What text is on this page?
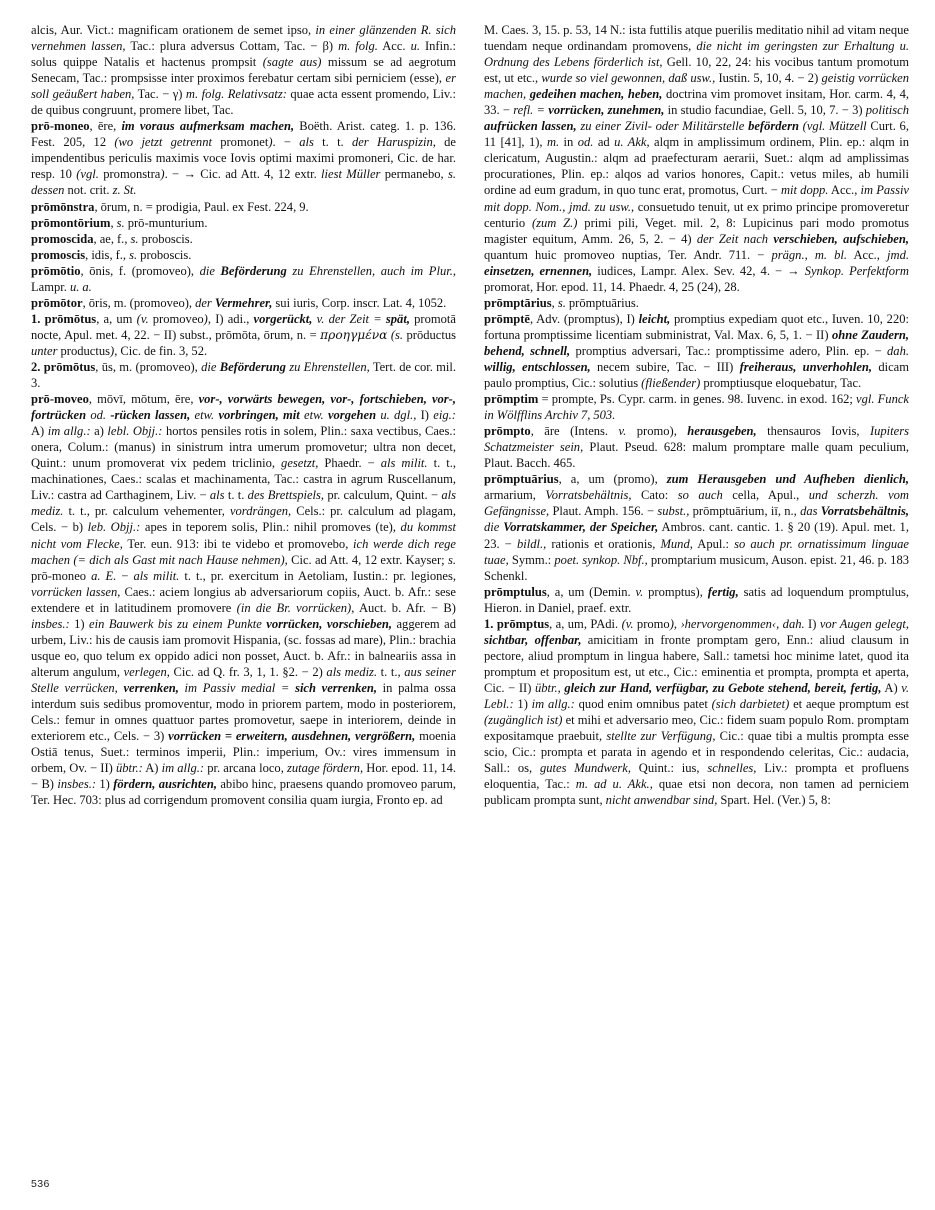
alcis, Aur. Vict.: magnificam orationem de semet ipso, in einer glänzenden R. sich vernehmen lassen, Tac.: plura adversus Cottam, Tac. − β) m. folg. Acc. u. Infin.: solus quippe Natalis et hactenus prompsit (sagte aus) missum se ad aegrotum Senecam, Tac.: prompsisse inter proximos ferebatur certam sibi perniciem (esse), er soll geäußert haben, Tac. − γ) m. folg. Relativsatz: quae acta essent promendo, Liv.: de quibus congruunt, promere libet, Tac.

prō-moneo, ēre, im voraus aufmerksam machen, Boëth. Arist. categ. 1. p. 136. Fest. 205, 12 (wo jetzt getrennt promonet). − als t. t. der Haruspizin, de impendentibus periculis maximis voce Iovis optimi maximi promoneri, Cic. de har. resp. 10 (vgl. promonstra). − → Cic. ad Att. 4, 12 extr. liest Müller permanebo, s. dessen not. crit. z. St.

prōmōnstra, ōrum, n. = prodigia, Paul. ex Fest. 224, 9.

prōmontōrium, s. prō-munturium.

promoscida, ae, f., s. proboscis.

promoscis, idis, f., s. proboscis.

prōmōtio, ōnis, f. (promoveo), die Beförderung zu Ehrenstellen, auch im Plur., Lampr. u. a.

prōmōtor, ōris, m. (promoveo), der Vermehrer, sui iuris, Corp. inscr. Lat. 4, 1052.

1. prōmōtus, a, um (v. promoveo), I) adi., vorgerückt, v. der Zeit = spät, promotā nocte, Apul. met. 4, 22. − II) subst., prōmōta, ōrum, n. = προηγμένα (s. prōductus unter productus), Cic. de fin. 3, 52.

2. prōmōtus, ūs, m. (promoveo), die Beförderung zu Ehrenstellen, Tert. de cor. mil. 3.

prō-moveo, mōvī, mōtum, ēre, vor-, vorwärts bewegen, vor-, fortschieben, vor-, fortrücken od. -rücken lassen, etw. vorbringen, mit etw. vorgehen u. dgl., I) eig.: A) im allg.: a) lebl. Objj.: hortos pensiles rotis in solem, Plin.: saxa vectibus, Caes.: onera, Colum.: (manus) in sinistrum intra umerum promovetur; ultra non decet, Quint.: unum promoverat vix pedem triclinio, gesetzt, Phaedr. − als milit. t. t., machinationes, Caes.: scalas et machinamenta, Tac.: castra in agrum Ruscellanum, Liv.: castra ad Carthaginem, Liv. − als t. t. des Brettspiels, pr. calculum, Quint. − als mediz. t. t., pr. calculum vehementer, vordrängen, Cels.: pr. calculum ad plagam, Cels. − b) leb. Objj.: apes in teporem solis, Plin.: nihil promoves (te), du kommst nicht vom Flecke, Ter. eun. 913: ibi te videbo et promovebo, ich werde dich rege machen (= dich als Gast mit nach Hause nehmen), Cic. ad Att. 4, 12 extr. Kayser; s. prō-moneo a. E. − als milit. t. t., pr. exercitum in Aetoliam, Iustin.: pr. legiones, vorrücken lassen, Caes.: aciem longius ab adversariorum copiis, Auct. b. Afr.: sese extendere et in latitudinem promovere (in die Br. vorrücken), Auct. b. Afr. − B) insbes.: 1) ein Bauwerk bis zu einem Punkte vorrücken, vorschieben, aggerem ad urbem, Liv.: his de causis iam promovit Hispania, (sc. fossas ad mare), Plin.: brachia usque eo, quo telum ex oppido adici non posset, Auct. b. Afr.: in balneariis assa in alterum angulum, verlegen, Cic. ad Q. fr. 3, 1, 1. §2. − 2) als mediz. t. t., aus seiner Stelle verrücken, verrenken, im Passiv medial = sich verrenken, in palma ossa interdum suis sedibus promoventur, modo in priorem partem, modo in posteriorem, Cels.: femur in omnes quattuor partes promovetur, saepe in interiorem, deinde in exteriorem etc., Cels. − 3) vorrücken = erweitern, ausdehnen, vergrößern, moenia Ostiā tenus, Suet.: terminos imperii, Plin.: imperium, Ov.: vires immensum in orbem, Ov. − II) übtr.: A) im allg.: pr. arcana loco, zutage fördern, Hor. epod. 11, 14. − B) insbes.: 1) fördern, ausrichten, abibo hinc, praesens quando promoveo parum, Ter. Hec. 703: plus ad corrigendum promovent consilia quam iurgia, Fronto ep. ad

M. Caes. 3, 15. p. 53, 14 N.: ista futtilis atque puerilis meditatio nihil ad vitam neque tuendam neque ordinandam promovens, die nicht im geringsten zur Erhaltung u. Ordnung des Lebens förderlich ist, Gell. 10, 22, 24: his vocibus tantum promotum est, ut etc., wurde so viel gewonnen, daß usw., Iustin. 5, 10, 4. − 2) geistig vorrücken machen, gedeihen machen, heben, doctrina vim promovet insitam, Hor. carm. 4, 4, 33. − refl. = vorrücken, zunehmen, in studio facundiae, Gell. 5, 10, 7. − 3) politisch aufrücken lassen, zu einer Zivil- oder Militärstelle befördern (vgl. Mützell Curt. 6, 11 [41], 1), m. in od. ad u. Akk, alqm in amplissimum ordinem, Plin. ep.: alqm in clericatum, Augustin.: alqm ad praefecturam aerarii, Suet.: alqm ad amplissimas procurationes, Plin. ep.: alqos ad varios honores, Capit.: vetus miles, ab humili ordine ad eum gradum, in quo tunc erat, promotus, Curt. − mit dopp. Acc., im Passiv mit dopp. Nom., jmd. zu usw., consuetudo tenuit, ut ex primo principe promoveretur centurio (zum Z.) primi pili, Veget. mil. 2, 8: Lupicinus pari modo promotus magister equitum, Amm. 26, 5, 2. − 4) der Zeit nach verschieben, aufschieben, quantum huic promoveo nuptias, Ter. Andr. 711. − prägn., m. bl. Acc., jmd. einsetzen, ernennen, iudices, Lampr. Alex. Sev. 42, 4. − → Synkop. Perfektform promorat, Hor. epod. 11, 14. Phaedr. 4, 25 (24), 28.

prōmptārius, s. prōmptuārius.

prōmptē, Adv. (promptus), I) leicht, promptius expediam quot etc., Iuven. 10, 220: fortuna promptissime licentiam subministrat, Val. Max. 6, 5, 1. − II) ohne Zaudern, behend, schnell, promptius adversari, Tac.: promptissime adero, Plin. ep. − dah. willig, entschlossen, necem subire, Tac. − III) freiheraus, unverhohlen, dicam paulo promptius, Cic.: solutius (fließender) promptiusque eloquebatur, Tac.

prōmptim = prompte, Ps. Cypr. carm. in genes. 98. Iuvenc. in exod. 162; vgl. Funck in Wölfflins Archiv 7, 503.

prōmpto, āre (Intens. v. promo), herausgeben, thensauros Iovis, Iupiters Schatzmeister sein, Plaut. Pseud. 628: malum promptare malle quam peculium, Plaut. Bacch. 465.

prōmptuārius, a, um (promo), zum Herausgeben und Aufheben dienlich, armarium, Vorratsbehältnis, Cato: so auch cella, Apul., und scherzh. vom Gefängnisse, Plaut. Amph. 156. − subst., prōmptuārium, iī, n., das Vorratsbehältnis, die Vorratskammer, der Speicher, Ambros. cant. cantic. 1. § 20 (19). Apul. met. 1, 23. − bildl., rationis et orationis, Mund, Apul.: so auch pr. ornatissimum linguae tuae, Symm.: poet. synkop. Nbf., promptarium musicum, Auson. epist. 21, 46. p. 183 Schenkl.

prōmptulus, a, um (Demin. v. promptus), fertig, satis ad loquendum promptulus, Hieron. in Daniel, praef. extr.

1. prōmptus, a, um, PAdi. (v. promo), ›hervorgenommen‹, dah. I) vor Augen gelegt, sichtbar, offenbar, amicitiam in fronte promptam gero, Enn.: aliud clausum in pectore, aliud promptum in lingua habere, Sall.: tametsi hoc minime latet, quod ita promptum et propositum est, ut etc., Cic.: eminentia et prompta, prompta et aperta, Cic. − II) übtr., gleich zur Hand, verfügbar, zu Gebote stehend, bereit, fertig, A) v. Lebl.: 1) im allg.: quod enim omnibus patet (sich darbietet) et aeque promptum est (zugänglich ist) et mihi et adversario meo, Cic.: fidem suam populo Rom. promptam expositamque praebuit, stellte zur Verfügung, Cic.: quae tibi a multis prompta esse scio, Cic.: prompta et parata in agendo et in respondendo celeritas, Cic.: audacia, Sall.: os, gutes Mundwerk, Quint.: ius, schnelles, Liv.: prompta et profluens eloquentia, Tac.: m. ad u. Akk., quae etsi non decora, non tamen ad perniciem publicam prompta sunt, nicht anwendbar sind, Spart. Hel. (Ver.) 5, 8:

536
